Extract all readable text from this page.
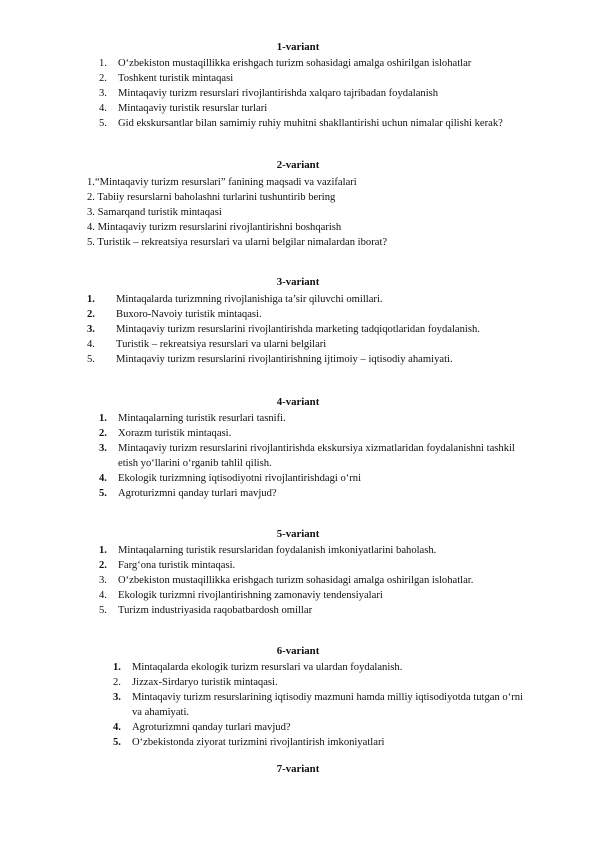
1-variant
1. O‘zbekiston mustaqillikka erishgach turizm sohasidagi amalga oshirilgan islohatlar
2. Toshkent turistik mintaqasi
3. Mintaqaviy turizm resurslari rivojlantirishda xalqaro tajribadan foydalanish
4. Mintaqaviy turistik resurslar turlari
5. Gid ekskursantlar bilan samimiy ruhiy muhitni shakllantirishi uchun nimalar qilishi kerak?
2-variant
1.“Mintaqaviy turizm resurslari” fanining maqsadi va vazifalari
2. Tabiiy resurslarni baholashni turlarini tushuntirib bering
3. Samarqand turistik mintaqasi
4. Mintaqaviy turizm resurslarini rivojlantirishni boshqarish
5. Turistik – rekreatsiya resurslari va ularni belgilar nimalardan iborat?
3-variant
1. Mintaqalarda turizmning rivojlanishiga ta’sir qiluvchi omillari.
2. Buxoro-Navoiy turistik mintaqasi.
3. Mintaqaviy turizm resurslarini rivojlantirishda marketing tadqiqotlaridan foydalanish.
4. Turistik – rekreatsiya resurslari va ularni belgilari
5. Mintaqaviy turizm resurslarini rivojlantirishning ijtimoiy – iqtisodiy ahamiyati.
4-variant
1. Mintaqalarning turistik resurlari tasnifi.
2. Xorazm turistik mintaqasi.
3. Mintaqaviy turizm resurslarini rivojlantirishda ekskursiya xizmatlaridan foydalanishni tashkil etish yo‘llarini o‘rganib tahlil qilish.
4. Ekologik turizmning iqtisodiyotni rivojlantirishdagi o‘rni
5. Agroturizmni qanday turlari mavjud?
5-variant
1. Mintaqalarning turistik resurslaridan foydalanish imkoniyatlarini baholash.
2. Farg‘ona turistik mintaqasi.
3. O‘zbekiston mustaqillikka erishgach turizm sohasidagi amalga oshirilgan islohatlar.
4. Ekologik turizmni rivojlantirishning zamonaviy tendensiyalari
5. Turizm industriyasida raqobatbardosh omillar
6-variant
1. Mintaqalarda ekologik turizm resurslari va ulardan foydalanish.
2. Jizzax-Sirdaryo turistik mintaqasi.
3. Mintaqaviy turizm resurslarining iqtisodiy mazmuni hamda milliy iqtisodiyotda tutgan o‘rni va ahamiyati.
4. Agroturizmni qanday turlari mavjud?
5. O‘zbekistonda ziyorat turizmini rivojlantirish imkoniyatlari
7-variant
